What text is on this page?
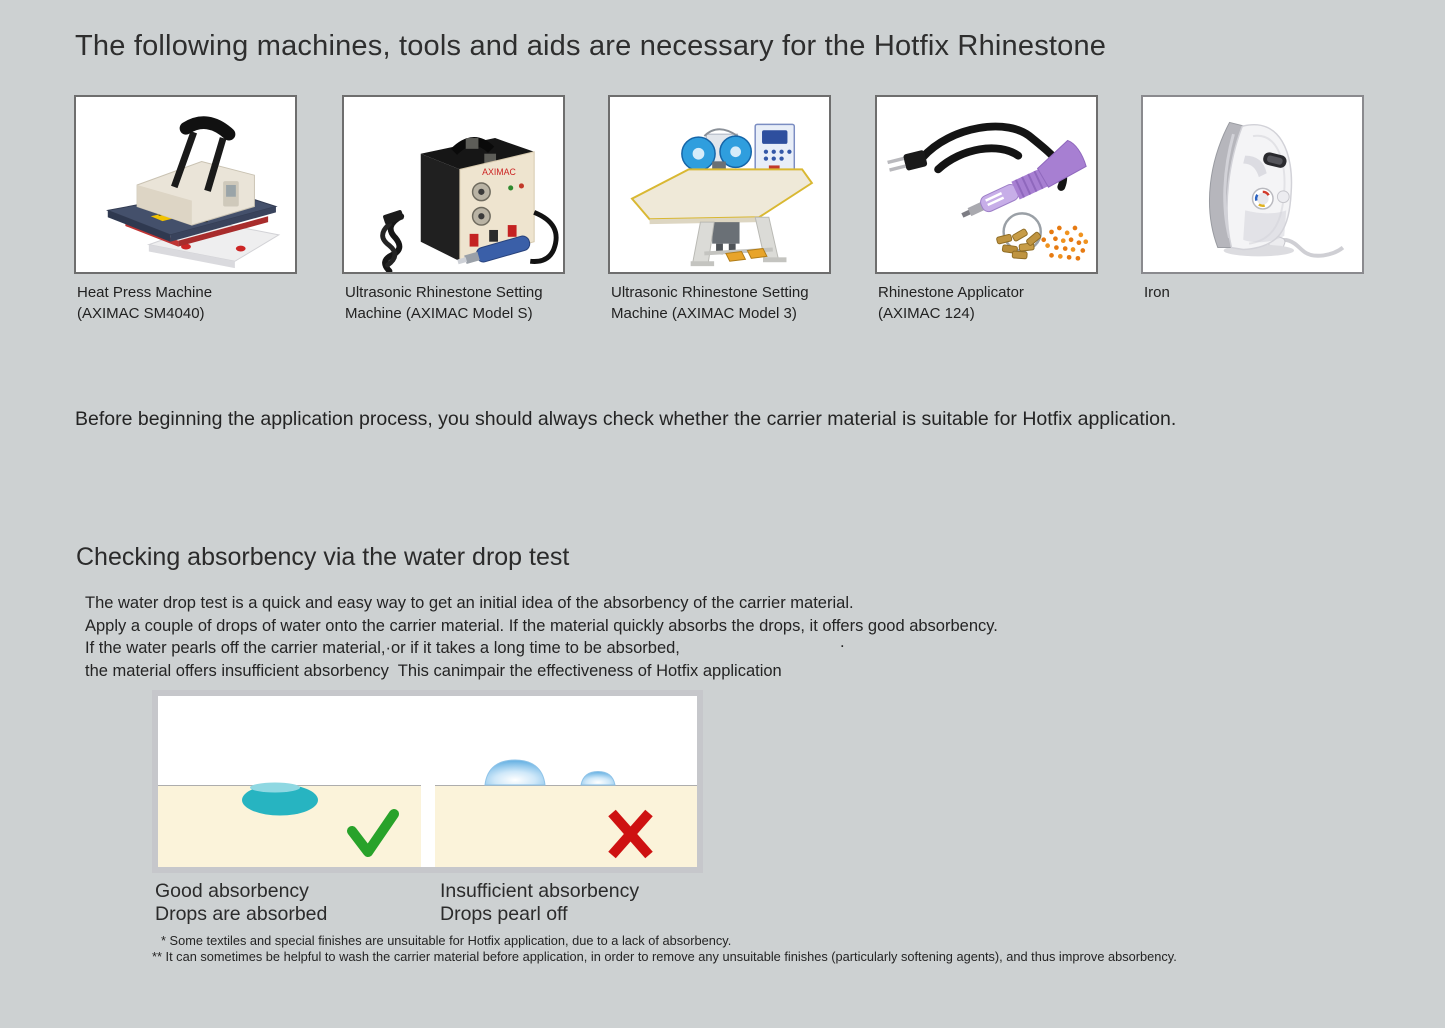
The following machines, tools and aids are necessary for the Hotfix Rhinestone
Heat Press Machine
(AXIMAC SM4040)
AXIMAC
Ultrasonic Rhinestone Setting
Machine (AXIMAC Model S)
Ultrasonic Rhinestone Setting
Machine (AXIMAC Model 3)
Rhinestone Applicator
(AXIMAC 124)
Iron
Before beginning the application process, you should always check whether the carrier material is suitable for Hotfix application.
Checking absorbency via the water drop test
The water drop test is a quick and easy way to get an initial idea of the absorbency of the carrier material.
Apply a couple of drops of water onto the carrier material. If the material quickly absorbs the drops, it offers good absorbency.
If the water pearls off the carrier material,·or if it takes a long time to be absorbed,
the material offers insufficient absorbency  This canimpair the effectiveness of Hotfix application
.
Good absorbency
Drops are absorbed
Insufficient absorbency
Drops pearl off
* Some textiles and special finishes are unsuitable for Hotfix application, due to a lack of absorbency.
** It can sometimes be helpful to wash the carrier material before application, in order to remove any unsuitable finishes (particularly softening agents), and thus improve absorbency.
